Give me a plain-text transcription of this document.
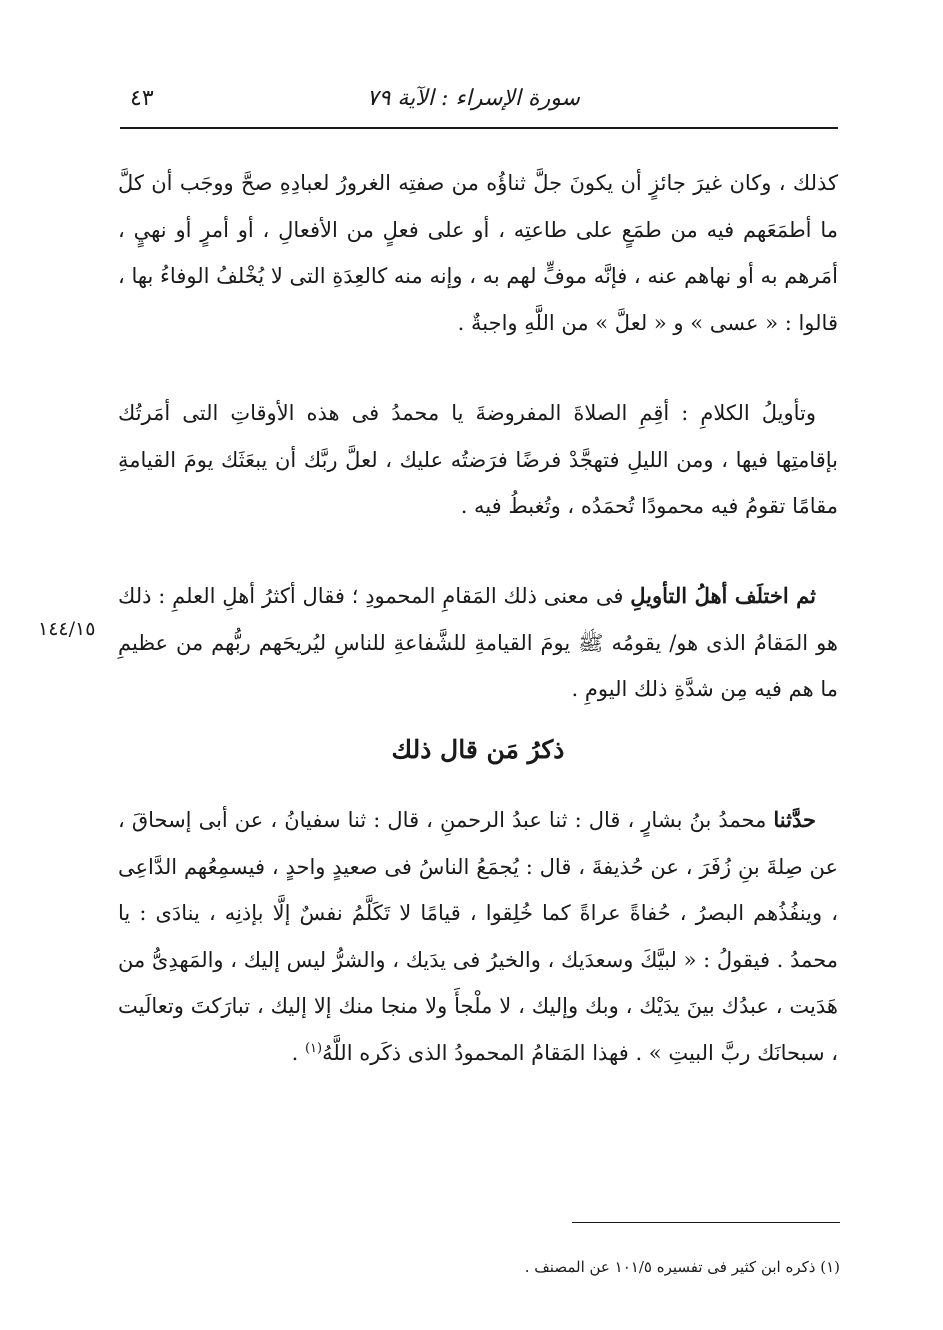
سورة الإسراء : الآية ٧٩
٤٣

كذلك ، وكان غيرَ جائزٍ أن يكونَ جلَّ ثناؤُه من صفتِه الغرورُ لعبادِهِ صحَّ ووجَب أن كلَّ ما أطمَعَهم فيه من طمَعٍ على طاعتِه ، أو على فعلٍ من الأفعالِ ، أو أمرٍ أو نهيٍ ، أمَرهم به أو نهاهم عنه ، فإنَّه موفٍّ لهم به ، وإنه منه كالعِدَةِ التى لا يُخْلفُ الوفاءُ بها ، قالوا : « عسى » و « لعلَّ » من اللَّهِ واجبةٌ .

وتأويلُ الكلامِ : أقِمِ الصلاةَ المفروضةَ يا محمدُ فى هذه الأوقاتِ التى أمَرتُك بإقامتِها فيها ، ومن الليلِ فتهجَّدْ فرضًا فرَضتُه عليك ، لعلَّ ربَّك أن يبعَثَك يومَ القيامةِ مقامًا تقومُ فيه محمودًا تُحمَدُه ، وتُغبطُ فيه .

ثم اختلَف أهلُ التأويلِ فى معنى ذلك المَقامِ المحمودِ ؛ فقال أكثرُ أهلِ العلمِ : ذلك هو المَقامُ الذى هو/ يقومُه ﷺ يومَ القيامةِ للشَّفاعةِ للناسِ ليُريحَهم ربُّهم من عظيمِ ما هم فيه مِن شدَّةِ ذلك اليومِ .

١٤٤/١٥
ذكرُ مَن قال ذلك

حدَّثنا محمدُ بنُ بشارٍ ، قال : ثنا عبدُ الرحمنِ ، قال : ثنا سفيانُ ، عن أبى إسحاقَ ، عن صِلةَ بنِ زُفَرَ ، عن حُذيفةَ ، قال : يُجمَعُ الناسُ فى صعيدٍ واحدٍ ، فيسمِعُهم الدَّاعِى ، وينفُذُهم البصرُ ، حُفاةً عراةً كما خُلِقوا ، قيامًا لا تَكَلَّمُ نفسٌ إلَّا بإذنِه ، ينادَى : يا محمدُ . فيقولُ : « لبيَّكَ وسعدَيك ، والخيرُ فى يدَيك ، والشرُّ ليس إليك ، والمَهدِىُّ من هَدَيت ، عبدُك بينَ يدَيْك ، وبك وإليك ، لا ملْجأَ ولا منجا منك إلا إليك ، تبارَكتَ وتعالَيت ، سبحانَك ربَّ البيتِ » . فهذا المَقامُ المحمودُ الذى ذكَره اللَّهُ$^{(١)}$ .

(١) ذكره ابن كثير فى تفسيره ١٠١/٥ عن المصنف .
